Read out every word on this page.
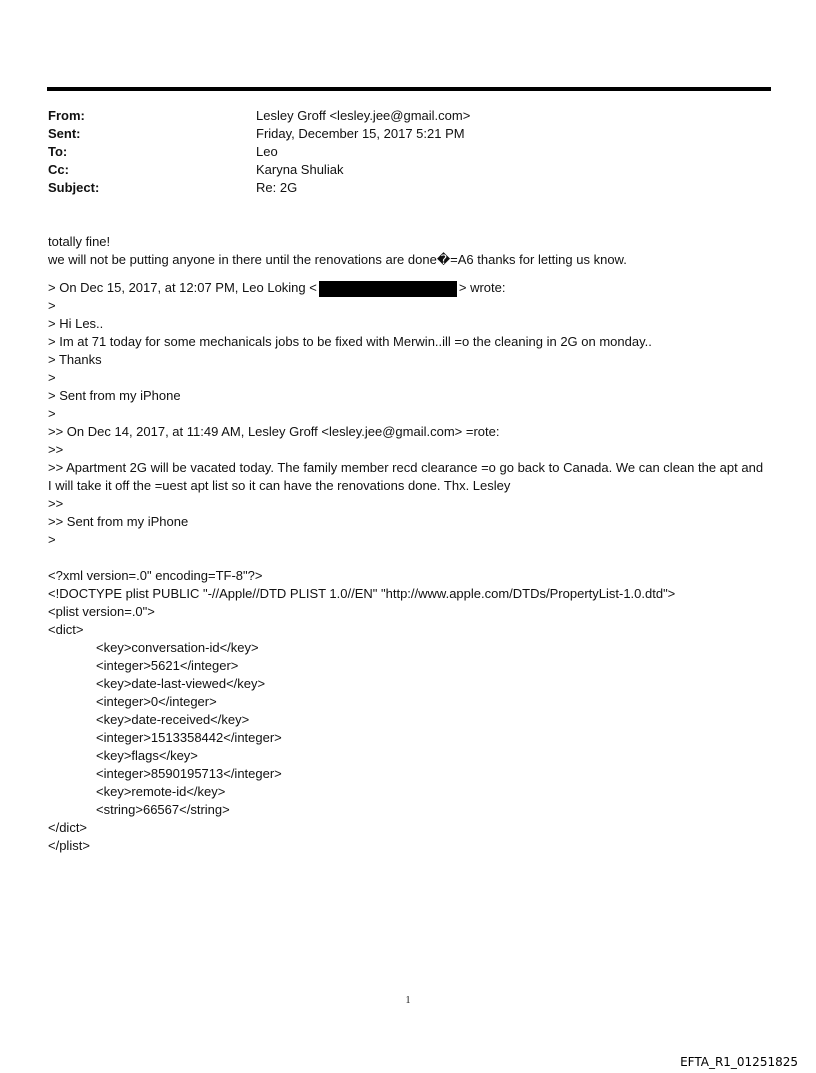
From:	Lesley Groff <lesley.jee@gmail.com>
Sent:	Friday, December 15, 2017 5:21 PM
To:	Leo
Cc:	Karyna Shuliak
Subject:	Re: 2G
totally fine!
we will not be putting anyone in there until the renovations are done�=A6 thanks for letting us know.
> On Dec 15, 2017, at 12:07 PM, Leo Loking <	> wrote:
>
> Hi Les..
> Im at 71 today for some mechanicals jobs to be fixed with Merwin..ill =o the cleaning in 2G on monday..
> Thanks
>
> Sent from my iPhone
>
>> On Dec 14, 2017, at 11:49 AM, Lesley Groff <lesley.jee@gmail.com> =rote:
>>
>> Apartment 2G will be vacated today. The family member recd clearance =o go back to Canada. We can clean the apt and I will take it off the =uest apt list so it can have the renovations done. Thx. Lesley
>>
>> Sent from my iPhone
>
<?xml version=.0" encoding=TF-8"?>
<!DOCTYPE plist PUBLIC "-//Apple//DTD PLIST 1.0//EN" "http://www.apple.com/DTDs/PropertyList-1.0.dtd">
<plist version=.0">
<dict>
<key>conversation-id</key>
<integer>5621</integer>
<key>date-last-viewed</key>
<integer>0</integer>
<key>date-received</key>
<integer>1513358442</integer>
<key>flags</key>
<integer>8590195713</integer>
<key>remote-id</key>
<string>66567</string>
</dict>
</plist>
1
EFTA_R1_01251825
